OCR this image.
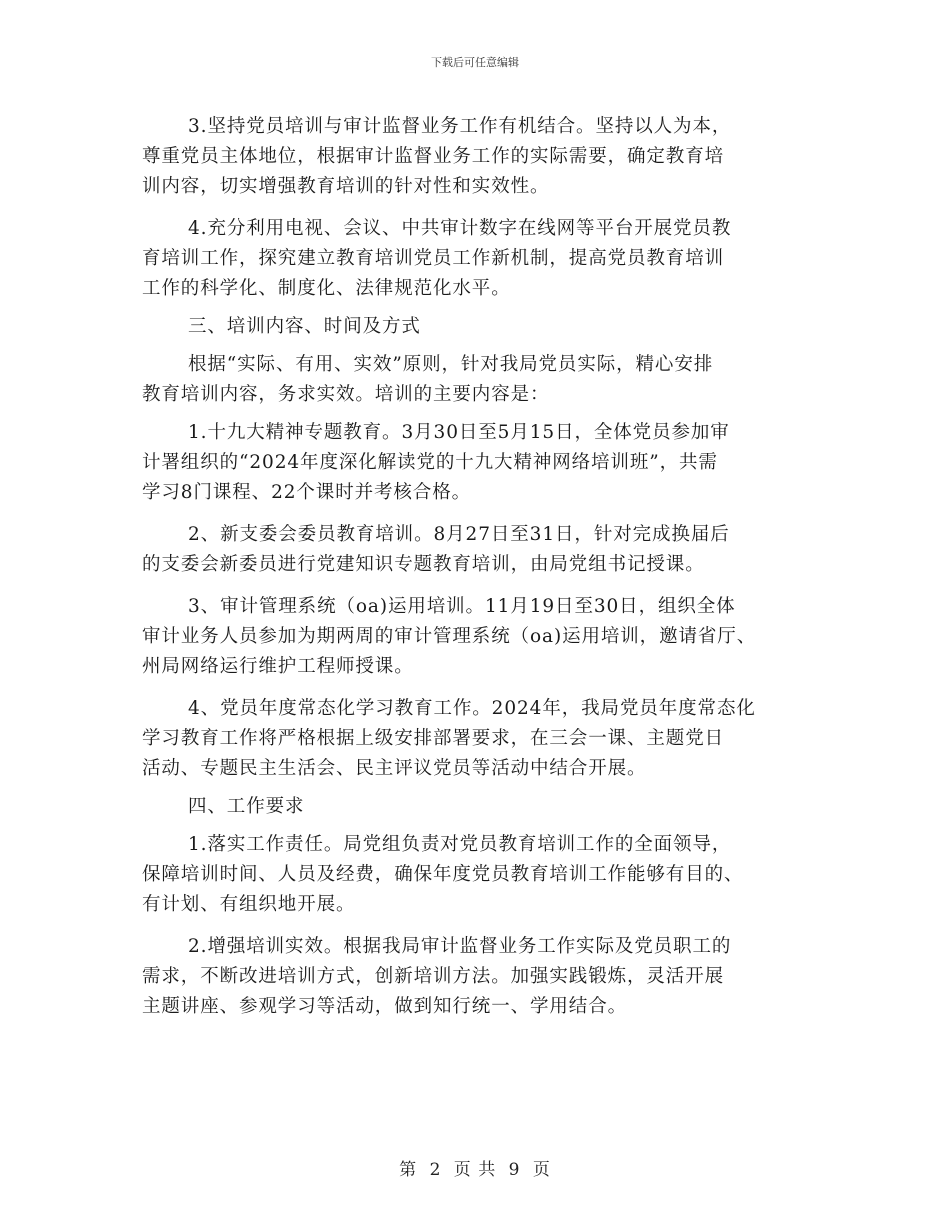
下载后可任意编辑

3.坚持党员培训与审计监督业务工作有机结合。坚持以人为本，
尊重党员主体地位，根据审计监督业务工作的实际需要，确定教育培
训内容，切实增强教育培训的针对性和实效性。

4.充分利用电视、会议、中共审计数字在线网等平台开展党员教
育培训工作，探究建立教育培训党员工作新机制，提高党员教育培训
工作的科学化、制度化、法律规范化水平。

三、培训内容、时间及方式

根据“实际、有用、实效”原则，针对我局党员实际，精心安排
教育培训内容，务求实效。培训的主要内容是：

1.十九大精神专题教育。3月30日至5月15日，全体党员参加审
计署组织的“2024年度深化解读党的十九大精神网络培训班”，共需
学习8门课程、22个课时并考核合格。

2、新支委会委员教育培训。8月27日至31日，针对完成换届后
的支委会新委员进行党建知识专题教育培训，由局党组书记授课。

3、审计管理系统（oa)运用培训。11月19日至30日，组织全体
审计业务人员参加为期两周的审计管理系统（oa)运用培训，邀请省厅、
州局网络运行维护工程师授课。

4、党员年度常态化学习教育工作。2024年，我局党员年度常态化
学习教育工作将严格根据上级安排部署要求，在三会一课、主题党日
活动、专题民主生活会、民主评议党员等活动中结合开展。

四、工作要求

1.落实工作责任。局党组负责对党员教育培训工作的全面领导，
保障培训时间、人员及经费，确保年度党员教育培训工作能够有目的、
有计划、有组织地开展。

2.增强培训实效。根据我局审计监督业务工作实际及党员职工的
需求，不断改进培训方式，创新培训方法。加强实践锻炼，灵活开展
主题讲座、参观学习等活动，做到知行统一、学用结合。

第 2 页 共 9 页
